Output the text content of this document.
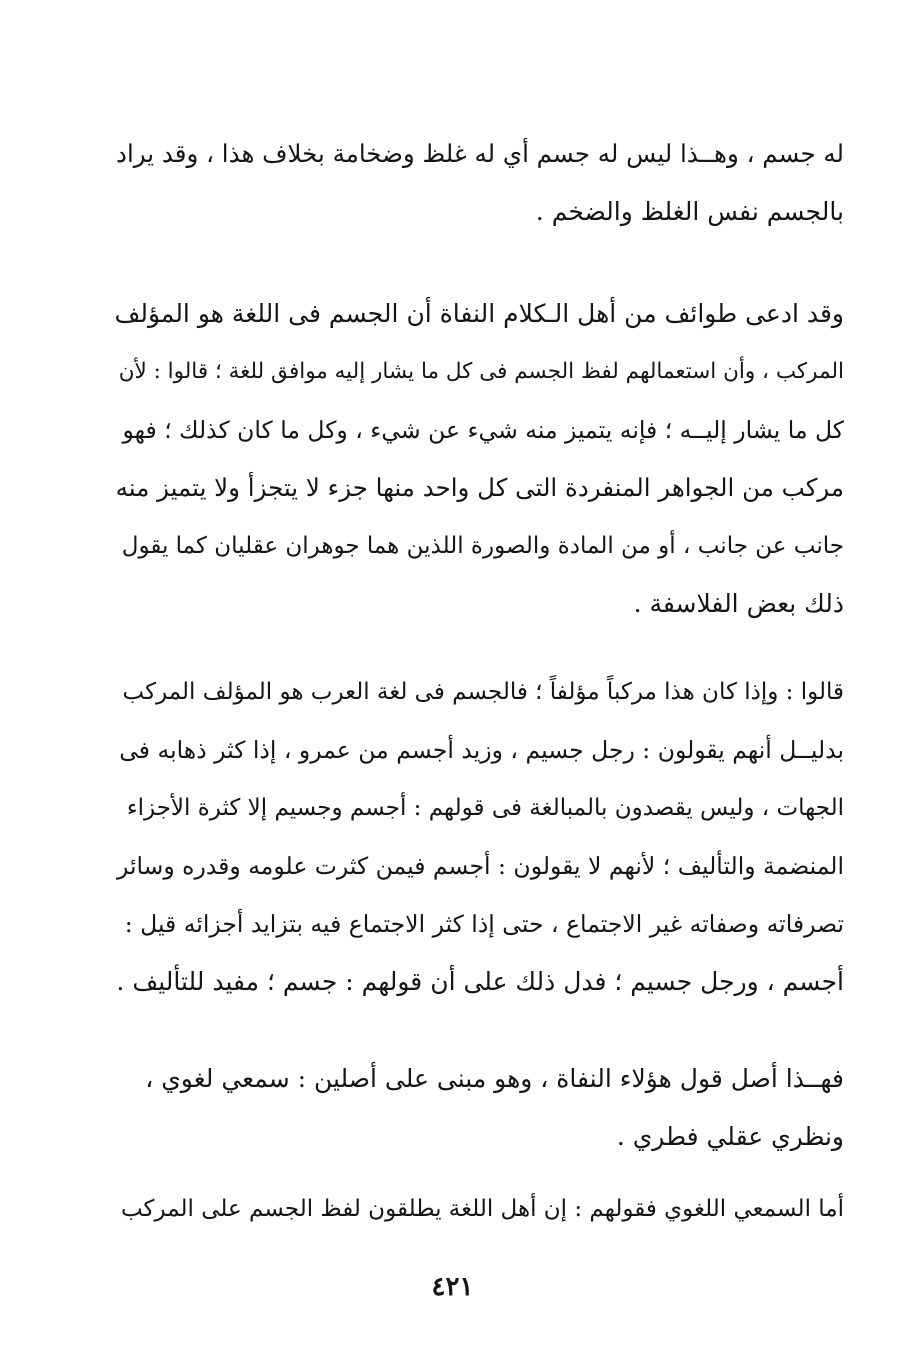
له جسم ، وهــذا ليس له جسم أي له غلظ وضخامة بخلاف هذا ، وقد يراد
بالجسم نفس الغلظ والضخم .
وقد ادعى طوائف من أهل الـكلام النفاة أن الجسم فى اللغة هو المؤلف
المركب ، وأن استعمالهم لفظ الجسم فى كل ما يشار إليه موافق للغة ؛ قالوا : لأن
كل ما يشار إليــه ؛ فإنه يتميز منه شيء عن شيء ، وكل ما كان كذلك ؛ فهو
مركب من الجواهر المنفردة التى كل واحد منها جزء لا يتجزأ ولا يتميز منه
جانب عن جانب ، أو من المادة والصورة اللذين هما جوهران عقليان كما يقول
ذلك بعض الفلاسفة .
قالوا : وإذا كان هذا مركباً مؤلفاً ؛ فالجسم فى لغة العرب هو المؤلف المركب
بدليــل أنهم يقولون : رجل جسيم ، وزيد أجسم من عمرو ، إذا كثر ذهابه فى
الجهات ، وليس يقصدون بالمبالغة فى قولهم : أجسم وجسيم إلا كثرة الأجزاء
المنضمة والتأليف ؛ لأنهم لا يقولون : أجسم فيمن كثرت علومه وقدره وسائر
تصرفاته وصفاته غير الاجتماع ، حتى إذا كثر الاجتماع فيه بتزايد أجزائه قيل :
أجسم ، ورجل جسيم ؛ فدل ذلك على أن قولهم : جسم ؛ مفيد للتأليف .
فهــذا أصل قول هؤلاء النفاة ، وهو مبنى على أصلين : سمعي لغوي ،
ونظري عقلي فطري .
أما السمعي اللغوي فقولهم : إن أهل اللغة يطلقون لفظ الجسم على المركب
٤٢١
